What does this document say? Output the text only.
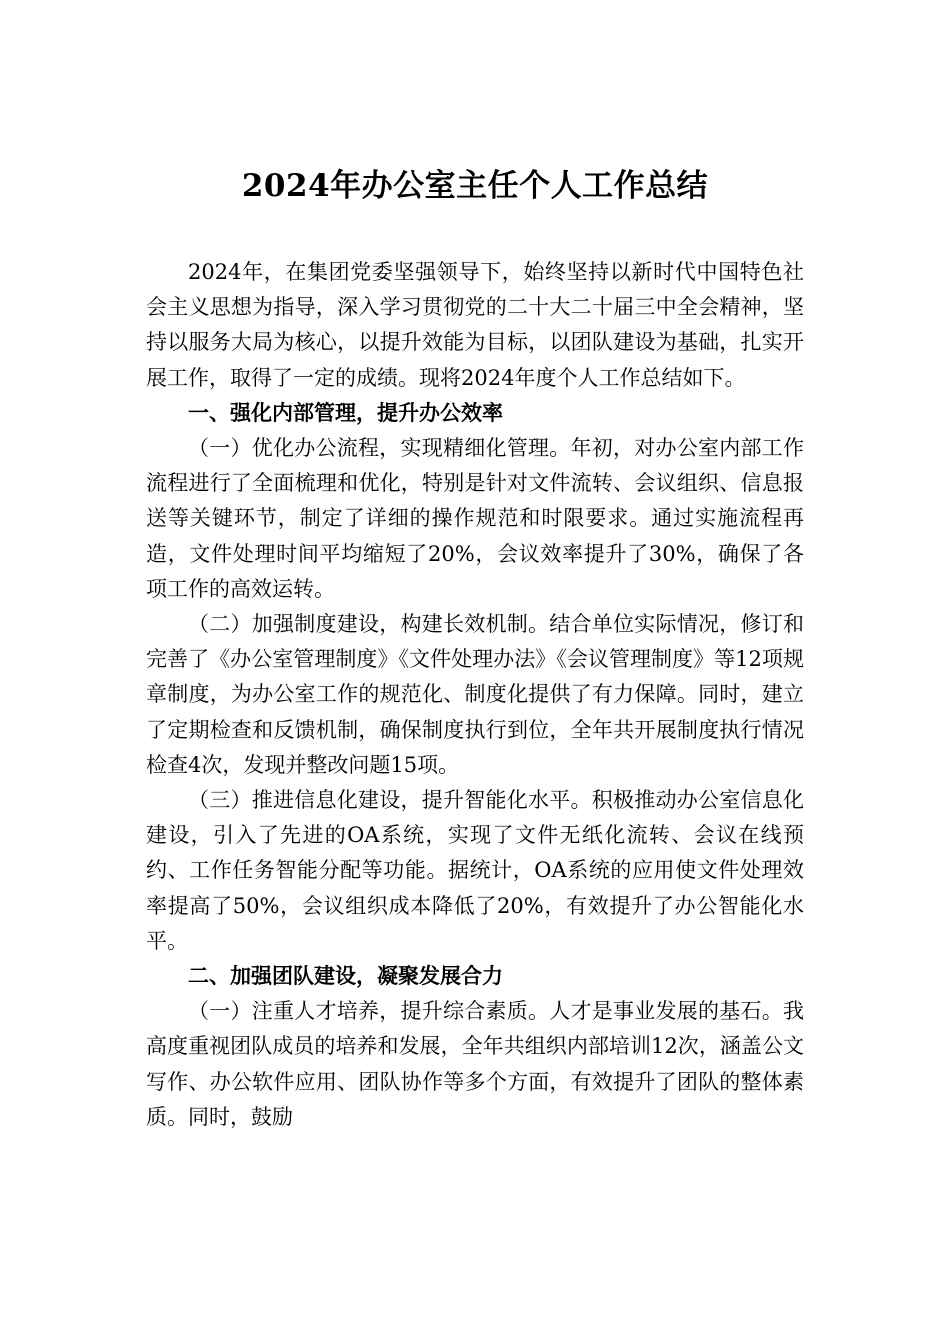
2024年办公室主任个人工作总结

2024年，在集团党委坚强领导下，始终坚持以新时代中国特色社会主义思想为指导，深入学习贯彻党的二十大二十届三中全会精神，坚持以服务大局为核心，以提升效能为目标，以团队建设为基础，扎实开展工作，取得了一定的成绩。现将2024年度个人工作总结如下。

一、强化内部管理，提升办公效率

（一）优化办公流程，实现精细化管理。年初，对办公室内部工作流程进行了全面梳理和优化，特别是针对文件流转、会议组织、信息报送等关键环节，制定了详细的操作规范和时限要求。通过实施流程再造，文件处理时间平均缩短了20%，会议效率提升了30%，确保了各项工作的高效运转。

（二）加强制度建设，构建长效机制。结合单位实际情况，修订和完善了《办公室管理制度》《文件处理办法》《会议管理制度》等12项规章制度，为办公室工作的规范化、制度化提供了有力保障。同时，建立了定期检查和反馈机制，确保制度执行到位，全年共开展制度执行情况检查4次，发现并整改问题15项。

（三）推进信息化建设，提升智能化水平。积极推动办公室信息化建设，引入了先进的OA系统，实现了文件无纸化流转、会议在线预约、工作任务智能分配等功能。据统计，OA系统的应用使文件处理效率提高了50%，会议组织成本降低了20%，有效提升了办公智能化水平。

二、加强团队建设，凝聚发展合力

（一）注重人才培养，提升综合素质。人才是事业发展的基石。我高度重视团队成员的培养和发展，全年共组织内部培训12次，涵盖公文写作、办公软件应用、团队协作等多个方面，有效提升了团队的整体素质。同时，鼓励
